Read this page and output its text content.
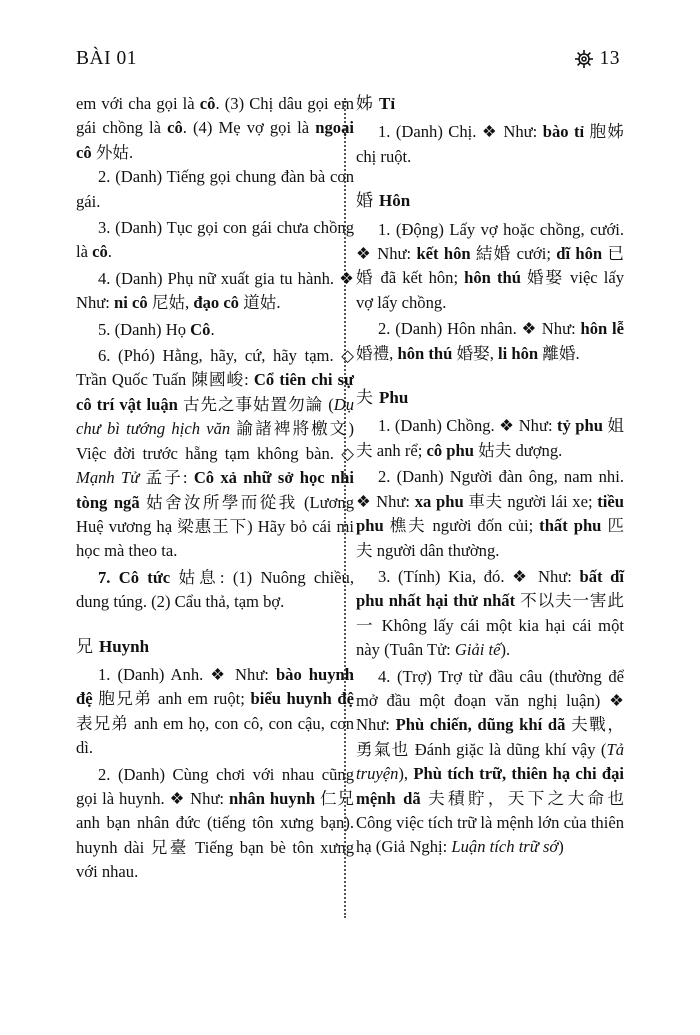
BÀI 01	13

em với cha gọi là cô. (3) Chị dâu gọi em gái chồng là cô. (4) Mẹ vợ gọi là ngoại cô 外姑.

2. (Danh) Tiếng gọi chung đàn bà con gái.

3. (Danh) Tục gọi con gái chưa chồng là cô.

4. (Danh) Phụ nữ xuất gia tu hành. ❖ Như: ni cô 尼姑, đạo cô 道姑.

5. (Danh) Họ Cô.

6. (Phó) Hằng, hãy, cứ, hãy tạm. ◇ Trần Quốc Tuấn 陳國峻: Cổ tiên chi sự cô trí vật luận 古先之事姑置勿論 (Dụ chư bì tướng hịch văn 諭諸裨將檄文) Việc đời trước hẵng tạm không bàn. ◇ Mạnh Tử 孟子: Cô xả nhữ sở học nhi tòng ngã 姑舍汝所學而從我 (Lương Huệ vương hạ 梁惠王下) Hãy bỏ cái mi học mà theo ta.

7. Cô tức 姑息: (1) Nuông chiều, dung túng. (2) Cẩu thả, tạm bợ.

兄 Huynh

1. (Danh) Anh. ❖ Như: bào huynh đệ 胞兄弟 anh em ruột; biểu huynh đệ 表兄弟 anh em họ, con cô, con cậu, con dì.

2. (Danh) Cùng chơi với nhau cũng gọi là huynh. ❖ Như: nhân huynh 仁兄 anh bạn nhân đức (tiếng tôn xưng bạn). huynh dài 兄臺 Tiếng bạn bè tôn xưng với nhau.

姊 Tỉ

1. (Danh) Chị. ❖ Như: bào tỉ 胞姊 chị ruột.

婚 Hôn

1. (Động) Lấy vợ hoặc chồng, cưới. ❖ Như: kết hôn 結婚 cưới; dĩ hôn 已婚 đã kết hôn; hôn thú 婚娶 việc lấy vợ lấy chồng.

2. (Danh) Hôn nhân. ❖ Như: hôn lễ 婚禮, hôn thú 婚娶, li hôn 離婚.

夫 Phu

1. (Danh) Chồng. ❖ Như: tỷ phu 姐夫 anh rể; cô phu 姑夫 dượng.

2. (Danh) Người đàn ông, nam nhi. ❖ Như: xa phu 車夫 người lái xe; tiều phu 樵夫 người đốn củi; thất phu 匹夫 người dân thường.

3. (Tính) Kia, đó. ❖ Như: bất dĩ phu nhất hại thử nhất 不以夫一害此一 Không lấy cái một kia hại cái một này (Tuân Tử: Giải tế).

4. (Trợ) Trợ từ đầu câu (thường để mở đầu một đoạn văn nghị luận) ❖ Như: Phù chiến, dũng khí dã 夫戰，勇氣也 Đánh giặc là dũng khí vậy (Tả truyện), Phù tích trữ, thiên hạ chi đại mệnh dã 夫積貯，天下之大命也 Công việc tích trữ là mệnh lớn của thiên hạ (Giả Nghị: Luận tích trữ sớ)
